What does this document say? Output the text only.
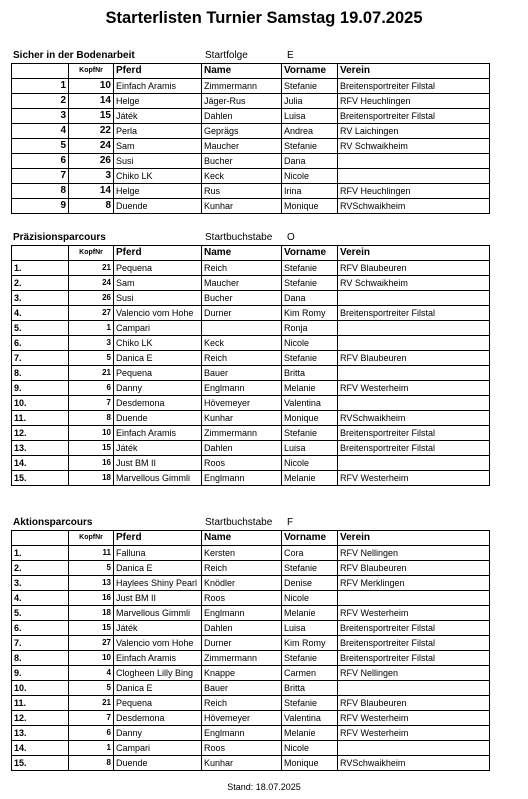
Starterlisten Turnier Samstag 19.07.2025
Sicher in der Bodenarbeit	Startfolge	E
	KopfNr	Pferd	Name	Vorname	Verein
1	10	Einfach Aramis	Zimmermann	Stefanie	Breitensportreiter Filstal
2	14	Helge	Jäger-Rus	Julia	RFV Heuchlingen
3	15	Játék	Dahlen	Luisa	Breitensportreiter Filstal
4	22	Perla	Geprägs	Andrea	RV Laichingen
5	24	Sam	Maucher	Stefanie	RV Schwaikheim
6	26	Susi	Bucher	Dana	
7	3	Chiko LK	Keck	Nicole	
8	14	Helge	Rus	Irina	RFV Heuchlingen
9	8	Duende	Kunhar	Monique	RVSchwaikheim
Präzisionsparcours	Startbuchstabe O
	KopfNr	Pferd	Name	Vorname	Verein
1.	21	Pequena	Reich	Stefanie	RFV Blaubeuren
2.	24	Sam	Maucher	Stefanie	RV Schwaikheim
3.	26	Susi	Bucher	Dana	
4.	27	Valencio vom Hohe	Durner	Kim Romy	Breitensportreiter Filstal
5.	1	Campari		Ronja	
6.	3	Chiko LK	Keck	Nicole	
7.	5	Danica E	Reich	Stefanie	RFV Blaubeuren
8.	21	Pequena	Bauer	Britta	
9.	6	Danny	Englmann	Melanie	RFV Westerheim
10.	7	Desdemona	Hövemeyer	Valentina	
11.	8	Duende	Kunhar	Monique	RVSchwaikheim
12.	10	Einfach Aramis	Zimmermann	Stefanie	Breitensportreiter Filstal
13.	15	Játék	Dahlen	Luisa	Breitensportreiter Filstal
14.	16	Just BM II	Roos	Nicole	
15.	18	Marvellous Gimmli	Englmann	Melanie	RFV Westerheim
Aktionsparcours	Startbuchstabe F
	KopfNr	Pferd	Name	Vorname	Verein
1.	11	Falluna	Kersten	Cora	RFV Nellingen
2.	5	Danica E	Reich	Stefanie	RFV Blaubeuren
3.	13	Haylees Shiny Pearl	Knödler	Denise	RFV Merklingen
4.	16	Just BM II	Roos	Nicole	
5.	18	Marvellous Gimmli	Englmann	Melanie	RFV Westerheim
6.	15	Játék	Dahlen	Luisa	Breitensportreiter Filstal
7.	27	Valencio vom Hohe	Durner	Kim Romy	Breitensportreiter Filstal
8.	10	Einfach Aramis	Zimmermann	Stefanie	Breitensportreiter Filstal
9.	4	Clogheen Lilly Bing	Knappe	Carmen	RFV Nellingen
10.	5	Danica E	Bauer	Britta	
11.	21	Pequena	Reich	Stefanie	RFV Blaubeuren
12.	7	Desdemona	Hövemeyer	Valentina	RFV Westerheim
13.	6	Danny	Englmann	Melanie	RFV Westerheim
14.	1	Campari	Roos	Nicole	
15.	8	Duende	Kunhar	Monique	RVSchwaikheim
Stand: 18.07.2025
